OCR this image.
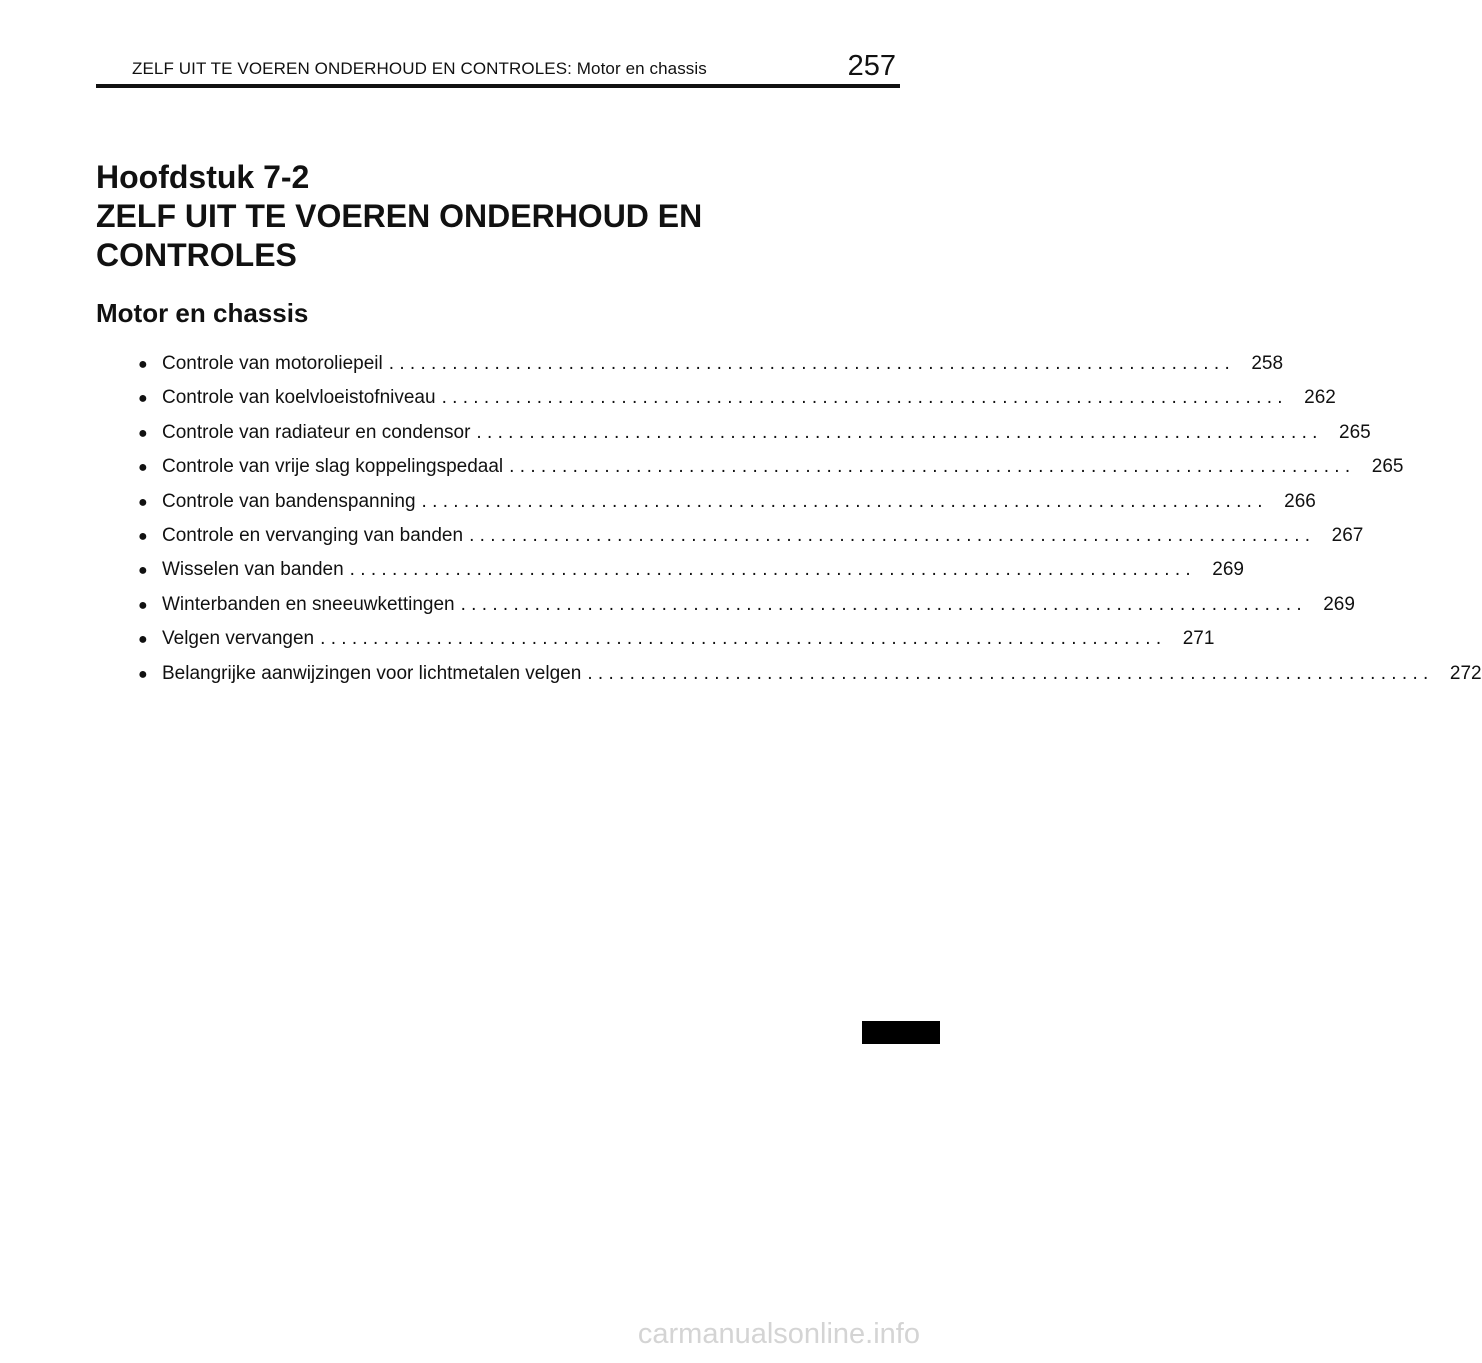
ZELF UIT TE VOEREN ONDERHOUD EN CONTROLES: Motor en chassis	257
Hoofdstuk 7-2
ZELF UIT TE VOEREN ONDERHOUD EN
CONTROLES
Motor en chassis
● Controle van motoroliepeil ................................................................................ 258
● Controle van koelvloeistofniveau ................................................................................ 262
● Controle van radiateur en condensor ................................................................................ 265
● Controle van vrije slag koppelingspedaal ................................................................................ 265
● Controle van bandenspanning ................................................................................ 266
● Controle en vervanging van banden ................................................................................ 267
● Wisselen van banden ................................................................................ 269
● Winterbanden en sneeuwkettingen ................................................................................ 269
● Velgen vervangen ................................................................................ 271
● Belangrijke aanwijzingen voor lichtmetalen velgen ................................................................................ 272
carmanualsonline.info
